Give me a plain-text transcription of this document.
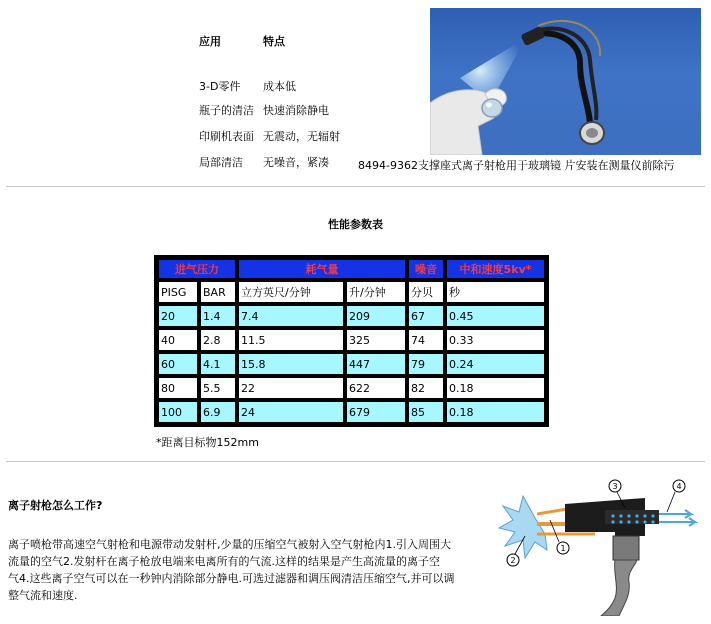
应用	特点
3-D零件 成本低
瓶子的清洁 快速消除静电
印刷机表面 无震动，无辐射
局部清洁 无噪音，紧凑	8494-9362支撑座式离子射枪用于玻璃镜 片安装在测量仪前除污
性能参数表
进气压力		耗气量		噪音	中和速度5kv*
PISG	BAR	立方英尺/分钟	升/分钟	分贝	秒
20	1.4	7.4	209	67	0.45
40	2.8	11.5	325	74	0.33
60	4.1	15.8	447	79	0.24
80	5.5	22	622	82	0.18
100	6.9	24	679	85	0.18
*距离目标物152mm
离子射枪怎么工作?

离子喷枪带高速空气射枪和电源带动发射杆,少量的压缩空气被射入空气射枪内1.引入周围大

流量的空气2.发射杆在离子枪放电端来电离所有的气流.这样的结果是产生高流量的离子空

气4.这些离子空气可以在一秒钟内消除部分静电.可选过滤器和调压阀清洁压缩空气,并可以调

整气流和速度.

1
2
3	4
